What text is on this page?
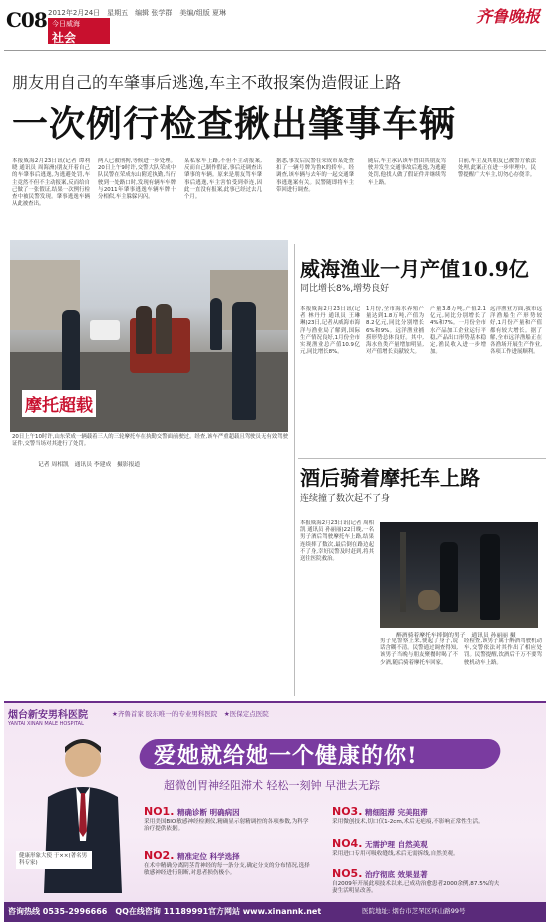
C08 2012年2月24日　星期五　编辑 张学群　美编/组版 夏琳	齐鲁晚报
今日威海
社会
朋友用自己的车肇事后逃逸,车主不敢报案伪造假证上路
一次例行检查揪出肇事车辆
本报威海2月23日讯(记者 谭利晓 通讯员 周海洲)朋友开着自己的车肇事后逃逸,为逃避处罚,车主竟然不但不主动报案,反而给自己做了一张假证,结果一次例行检查中被民警发现。肇事逃逸车辆从此被查出。
两人已被刑拘,等候进一步处理。20日上午9时许,交警大队荣成中队民警在荣成东山附近执勤,当行驶到一处路口时,发现有辆车车牌与2011年肇事逃逸车辆车牌十分相似,车主躲躲闪闪。
某私家车上路,不但不主动报案,反而自己制作假证,事后还调查出肇事的车辆。原来是朋友驾车肇事后逃逸,车主害怕受到牵连,因此一直没有报案,此事已经过去几个月。
据悉,事发后民警在荣成市某处查扣了一辆号牌为鲁K的轿车。经调查,该车辆与去年的一起交通肇事逃逸案有关。民警随即将车主带回进行调查。
随后,车主承认该车曾由其朋友驾驶并发生交通事故后逃逸,为逃避处罚,他找人做了假证件并继续驾车上路。
目前,车主及其朋友已被警方依法处理,此案正在进一步审理中。民警提醒广大车主,切勿心存侥幸。
摩托超载
20日上午10时许,山东荣成一辆载着三人的三轮摩托车在执勤交警面前驶过。经查,该车严重超载且驾驶员无有效驾驶证件,交警当场对其进行了处罚。
记者 周相凯　通讯员 李建成　摄影报道
威海渔业一月产值10.9亿
同比增长8%,增势良好
本报威海2月23日讯(记者 林丹丹 通讯员 王琳琳)23日,记者从威海市海洋与渔业局了解到,国际生产情况良好,1月份全市实现渔业总产值10.9亿元,同比增长8%。
1月份,全市海水养殖产量达到1.8万吨,产值为8.2亿元,同比分别增长6%和9%。远洋渔业捕捞形势总体良好。其中,海水鱼类产量增加明显,对产值增长贡献较大。
产量3.8万吨,产值2.1亿元,同比分别增长了4%和7%。一月份全市水产品加工企业运行平稳,产品出口形势基本稳定,渔民收入进一步增加。
远洋渔业方面,我市远洋渔船生产形势较好,1月份产量和产值都有较大增长。据了解,全市远洋渔船正在各渔场开展生产作业,各项工作进展顺利。
酒后骑着摩托车上路
连续撞了数次起不了身
本报威海2月23日讯(记者 周相凯 通讯员 孙丽丽)22日晚,一名男子酒后驾驶摩托车上路,结果连续摔了数次,最后倒在路边起不了身,幸好民警及时赶到,将其送往医院救治。
男子见警察上来,便起了身子,说话含糊不清。民警通过调查得知,该男子当晚与朋友聚餐时喝了不少酒,随后骑着摩托车回家。
经检查,该男子属于醉酒驾驶机动车,交警依法对其作出了相应处罚。民警提醒,饮酒后千万不要驾驶机动车上路。
醉酒骑着摩托车摔倒的男子　通讯员 孙丽丽 摄
烟台新安男科医院
YANTAI XINAN MALE HOSPITAL
★齐鲁首家 胶东唯一的专业男科医院　★医保定点医院
爱她就给她一个健康的你!
超微创胃神经阻滞术 轻松一刻钟 早泄去无踪
健康形象大使 于××(著名男科专家)
NO1. 精确诊断 明确病因
采用美国BIO敏感神经检测仪,精确显示射精调控的各项参数,为科学治疗提供依据。
NO2. 精准定位 科学选择
在术中精确分离阴茎背神经的每一条分支,确定分支的分布情况,选择敏感神经进行阻断,对患者损伤极小。
NO3. 精细阻滞 完美阻滞
采用微创技术,切口仅1-2cm,术后无疤痕,不影响正常性生活。
NO4. 无需护理 自然美观
采用进口专用可吸收缝线,术后无需拆线,自然美观。
NO5. 治疗彻底 效果显著
自2009年开展此项技术以来,已成功治愈患者2000余例,87.5%的夫妻生活明显改善。
咨询热线 0535-2996666　QQ在线咨询 11189991 官方网站 www.xinannk.net	医院地址: 烟台市芝罘区环山路99号
